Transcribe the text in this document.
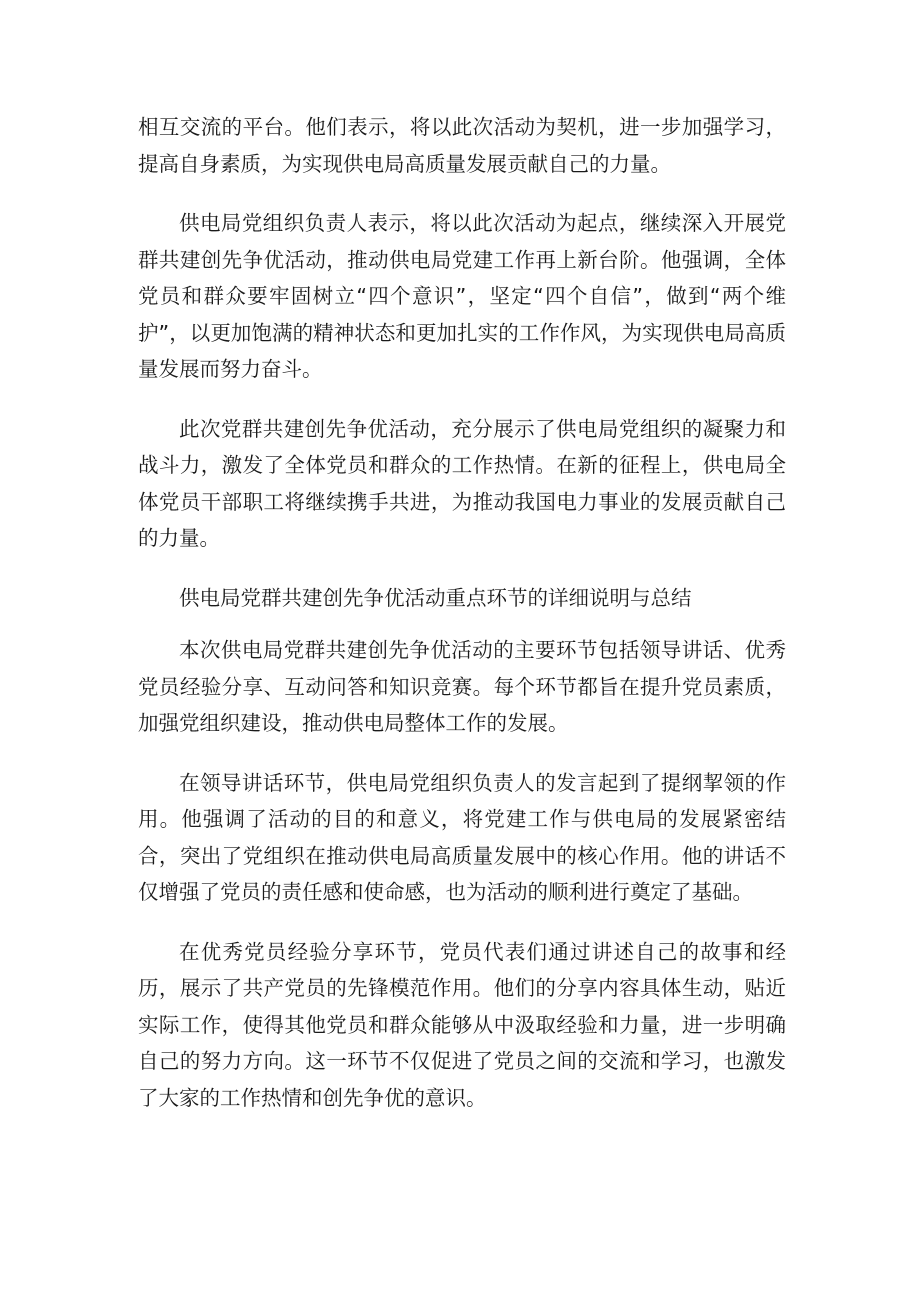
相互交流的平台。他们表示，将以此次活动为契机，进一步加强学习，提高自身素质，为实现供电局高质量发展贡献自己的力量。

供电局党组织负责人表示，将以此次活动为起点，继续深入开展党群共建创先争优活动，推动供电局党建工作再上新台阶。他强调，全体党员和群众要牢固树立“四个意识”，坚定“四个自信”，做到“两个维护”，以更加饱满的精神状态和更加扎实的工作作风，为实现供电局高质量发展而努力奋斗。

此次党群共建创先争优活动，充分展示了供电局党组织的凝聚力和战斗力，激发了全体党员和群众的工作热情。在新的征程上，供电局全体党员干部职工将继续携手共进，为推动我国电力事业的发展贡献自己的力量。

供电局党群共建创先争优活动重点环节的详细说明与总结

本次供电局党群共建创先争优活动的主要环节包括领导讲话、优秀党员经验分享、互动问答和知识竞赛。每个环节都旨在提升党员素质，加强党组织建设，推动供电局整体工作的发展。

在领导讲话环节，供电局党组织负责人的发言起到了提纲挈领的作用。他强调了活动的目的和意义，将党建工作与供电局的发展紧密结合，突出了党组织在推动供电局高质量发展中的核心作用。他的讲话不仅增强了党员的责任感和使命感，也为活动的顺利进行奠定了基础。

在优秀党员经验分享环节，党员代表们通过讲述自己的故事和经历，展示了共产党员的先锋模范作用。他们的分享内容具体生动，贴近实际工作，使得其他党员和群众能够从中汲取经验和力量，进一步明确自己的努力方向。这一环节不仅促进了党员之间的交流和学习，也激发了大家的工作热情和创先争优的意识。
